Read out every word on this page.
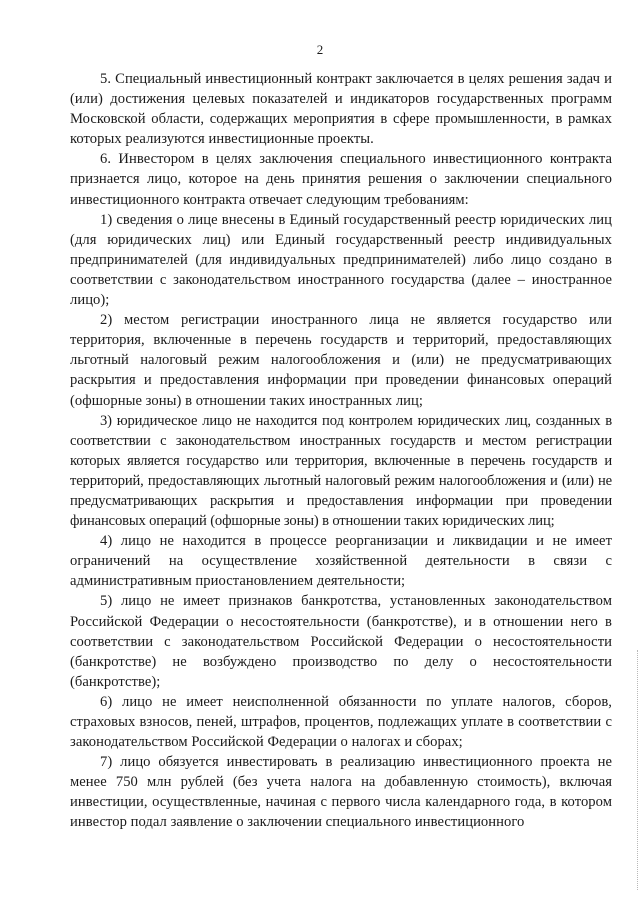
2

5. Специальный инвестиционный контракт заключается в целях решения задач и (или) достижения целевых показателей и индикаторов государственных программ Московской области, содержащих мероприятия в сфере промышленности, в рамках которых реализуются инвестиционные проекты.

6. Инвестором в целях заключения специального инвестиционного контракта признается лицо, которое на день принятия решения о заключении специального инвестиционного контракта отвечает следующим требованиям:

1) сведения о лице внесены в Единый государственный реестр юридических лиц (для юридических лиц) или Единый государственный реестр индивидуальных предпринимателей (для индивидуальных предпринимателей) либо лицо создано в соответствии с законодательством иностранного государства (далее – иностранное лицо);

2) местом регистрации иностранного лица не является государство или территория, включенные в перечень государств и территорий, предоставляющих льготный налоговый режим налогообложения и (или) не предусматривающих раскрытия и предоставления информации при проведении финансовых операций (офшорные зоны) в отношении таких иностранных лиц;

3) юридическое лицо не находится под контролем юридических лиц, созданных в соответствии с законодательством иностранных государств и местом регистрации которых является государство или территория, включенные в перечень государств и территорий, предоставляющих льготный налоговый режим налогообложения и (или) не предусматривающих раскрытия и предоставления информации при проведении финансовых операций (офшорные зоны) в отношении таких юридических лиц;

4) лицо не находится в процессе реорганизации и ликвидации и не имеет ограничений на осуществление хозяйственной деятельности в связи с административным приостановлением деятельности;

5) лицо не имеет признаков банкротства, установленных законодательством Российской Федерации о несостоятельности (банкротстве), и в отношении него в соответствии с законодательством Российской Федерации о несостоятельности (банкротстве) не возбуждено производство по делу о несостоятельности (банкротстве);

6) лицо не имеет неисполненной обязанности по уплате налогов, сборов, страховых взносов, пеней, штрафов, процентов, подлежащих уплате в соответствии с законодательством Российской Федерации о налогах и сборах;

7) лицо обязуется инвестировать в реализацию инвестиционного проекта не менее 750 млн рублей (без учета налога на добавленную стоимость), включая инвестиции, осуществленные, начиная с первого числа календарного года, в котором инвестор подал заявление о заключении специального инвестиционного
